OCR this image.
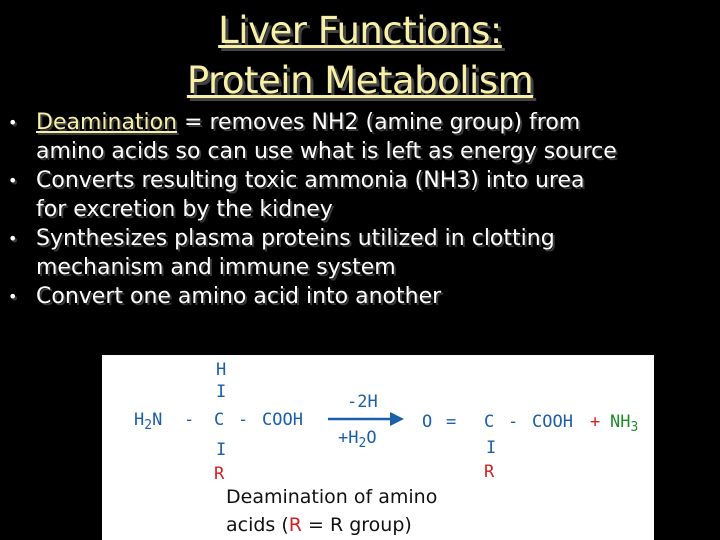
Liver Functions:
Protein Metabolism
• Deamination = removes NH2 (amine group) from
amino acids so can use what is left as energy source
• Converts resulting toxic ammonia (NH3) into urea
for excretion by the kidney
• Synthesizes plasma proteins utilized in clotting
mechanism and immune system
• Convert one amino acid into another
H
I
$H_2N$ - C - COOH
I
R
-2H
$+H_2O$
O = C - COOH + $NH_3$
I
R
Deamination of amino
acids (R = R group)
